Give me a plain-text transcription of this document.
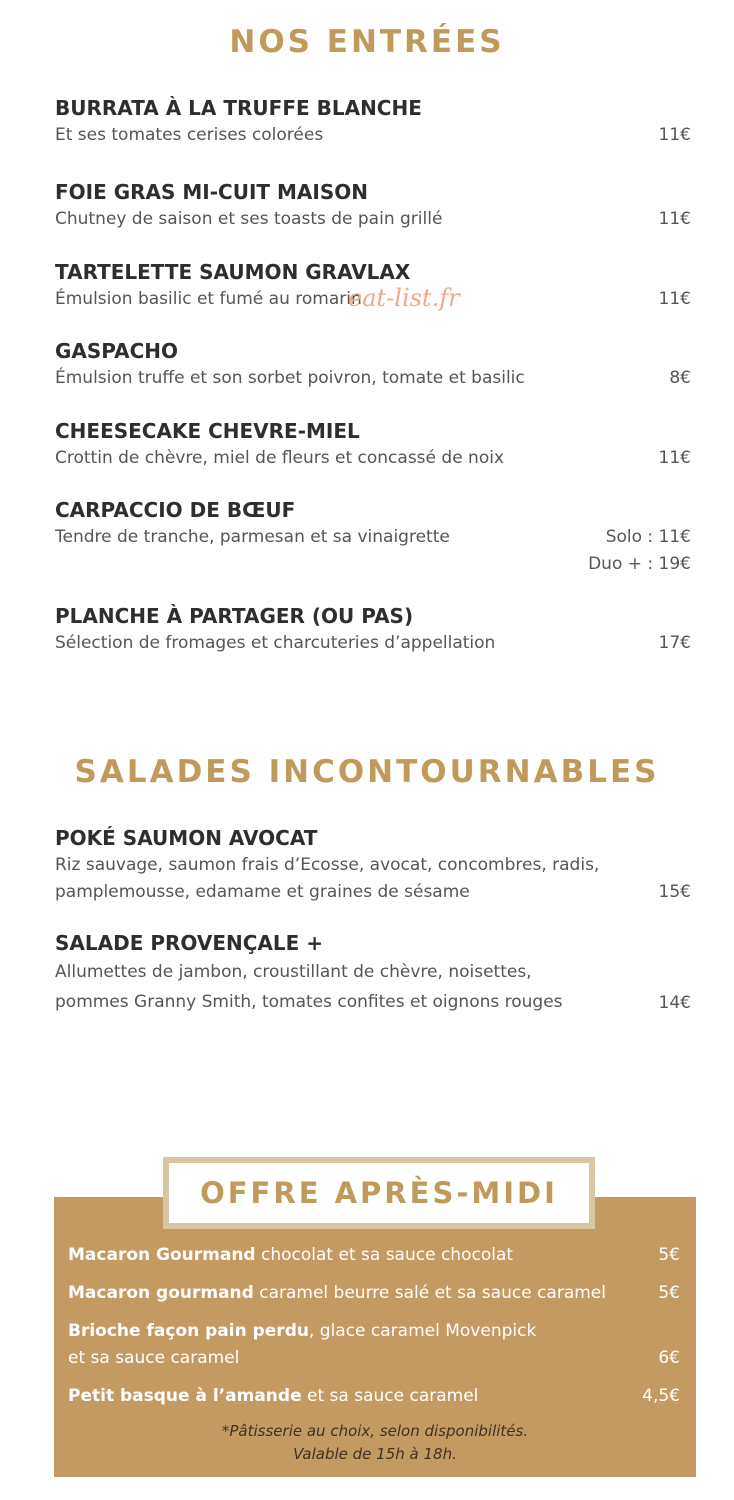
NOS ENTRÉES

BURRATA À LA TRUFFE BLANCHE

Et ses tomates cerises colorées	11€

FOIE GRAS MI-CUIT MAISON

Chutney de saison et ses toasts de pain grillé	11€

TARTELETTE SAUMON GRAVLAX

Émulsion basilic et fumé au romarin	11€
eat-list.fr

GASPACHO

Émulsion truffe et son sorbet poivron, tomate et basilic	8€

CHEESECAKE CHEVRE-MIEL

Crottin de chèvre, miel de fleurs et concassé de noix	11€

CARPACCIO DE BŒUF

Tendre de tranche, parmesan et sa vinaigrette	Solo : 11€
Duo + : 19€

PLANCHE À PARTAGER (OU PAS)

Sélection de fromages et charcuteries d’appellation	17€
SALADES INCONTOURNABLES

POKÉ SAUMON AVOCAT

Riz sauvage, saumon frais d’Ecosse, avocat, concombres, radis,

pamplemousse, edamame et graines de sésame	15€

SALADE PROVENÇALE +

Allumettes de jambon, croustillant de chèvre, noisettes,

pommes Granny Smith, tomates confites et oignons rouges	14€
OFFRE APRÈS-MIDI
Macaron Gourmand chocolat et sa sauce chocolat	5€
Macaron gourmand caramel beurre salé et sa sauce caramel	5€
Brioche façon pain perdu, glace caramel Movenpick
et sa sauce caramel	6€
Petit basque à l’amande et sa sauce caramel	4,5€
*Pâtisserie au choix, selon disponibilités.
Valable de 15h à 18h.
